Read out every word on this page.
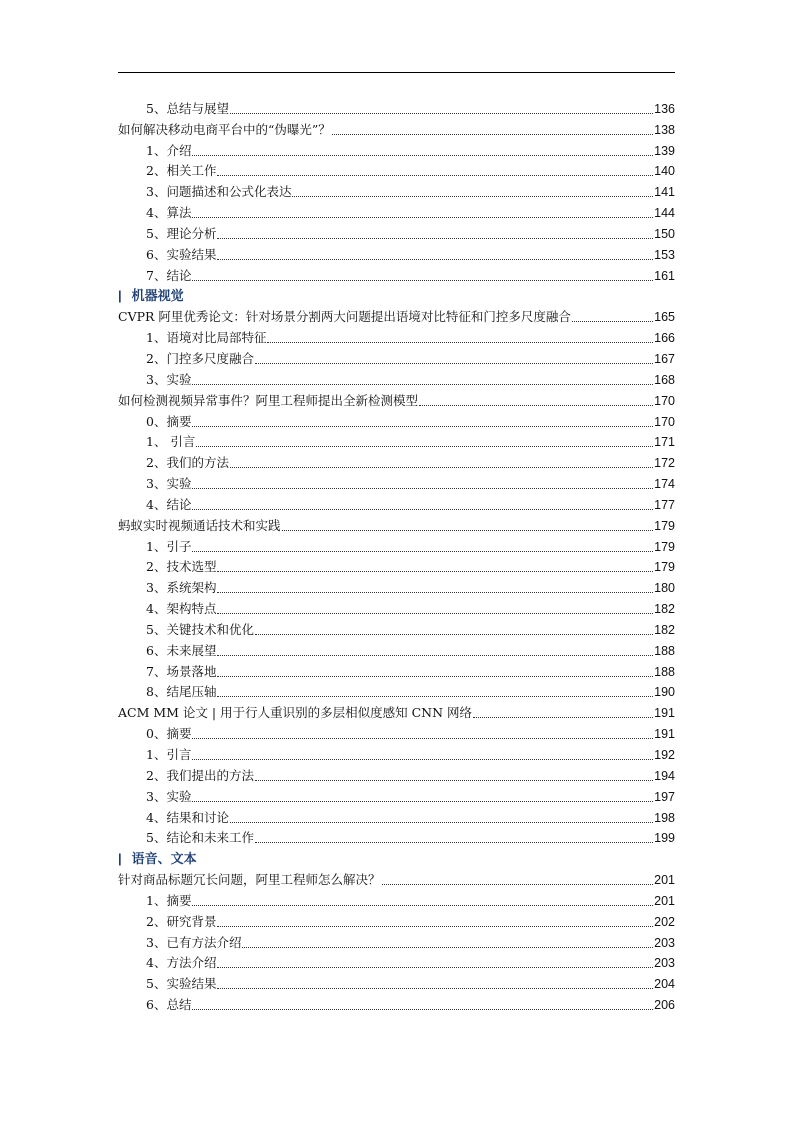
5、总结与展望	136
如何解决移动电商平台中的“伪曝光”？	138
1、介绍	139
2、相关工作	140
3、问题描述和公式化表达	141
4、算法	144
5、理论分析	150
6、实验结果	153
7、结论	161
| 机器视觉
CVPR 阿里优秀论文：针对场景分割两大问题提出语境对比特征和门控多尺度融合	165
1、语境对比局部特征	166
2、门控多尺度融合	167
3、实验	168
如何检测视频异常事件？阿里工程师提出全新检测模型	170
0、摘要	170
1、 引言	171
2、我们的方法	172
3、实验	174
4、结论	177
蚂蚁实时视频通话技术和实践	179
1、引子	179
2、技术选型	179
3、系统架构	180
4、架构特点	182
5、关键技术和优化	182
6、未来展望	188
7、场景落地	188
8、结尾压轴	190
ACM MM 论文 | 用于行人重识别的多层相似度感知 CNN 网络	191
0、摘要	191
1、引言	192
2、我们提出的方法	194
3、实验	197
4、结果和讨论	198
5、结论和未来工作	199
| 语音、文本
针对商品标题冗长问题，阿里工程师怎么解决？	201
1、摘要	201
2、研究背景	202
3、已有方法介绍	203
4、方法介绍	203
5、实验结果	204
6、总结	206
